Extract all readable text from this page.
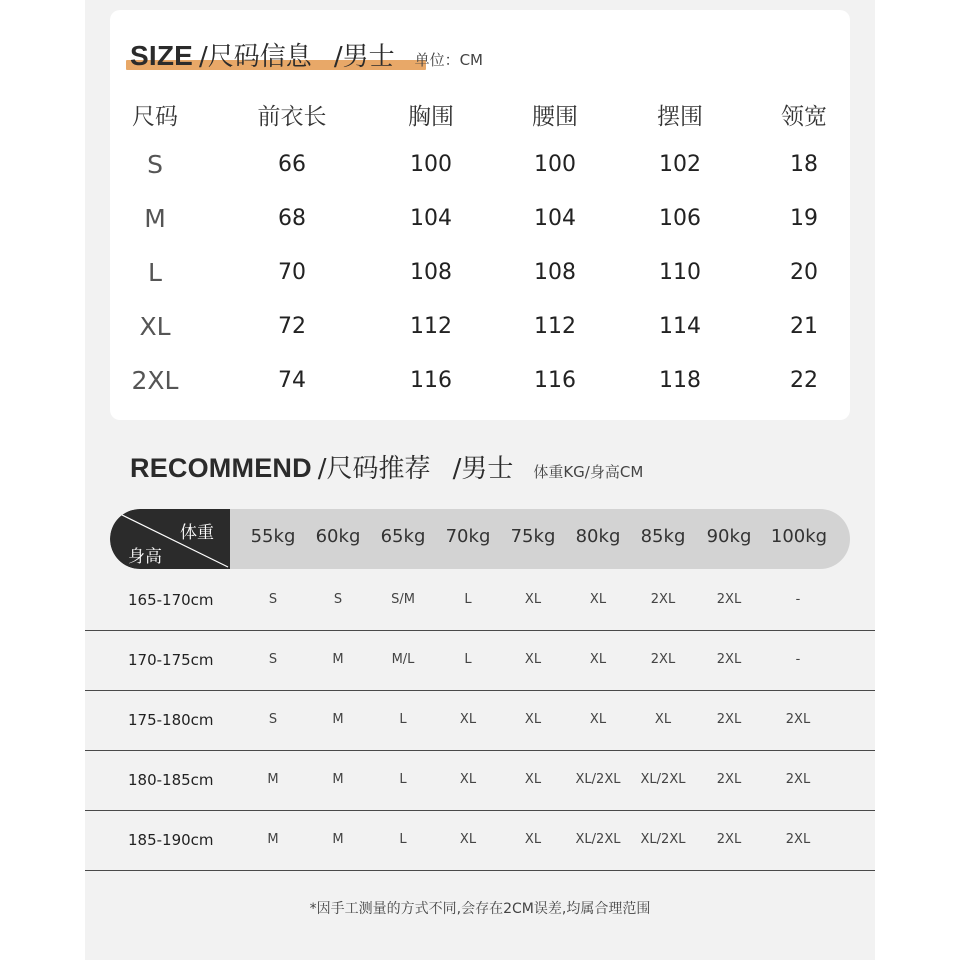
SIZE /尺码信息 /男士 单位：CM
尺码	前衣长	胸围	腰围	摆围	领宽
S	66	100	100	102	18
M	68	104	104	106	19
L	70	108	108	110	20
XL	72	112	112	114	21
2XL	74	116	116	118	22
RECOMMEND /尺码推荐 /男士 体重KG/身高CM
体重
身高
55kg	60kg	65kg	70kg	75kg	80kg	85kg	90kg	100kg
165-170cm	S	S	S/M	L	XL	XL	2XL	2XL	-
170-175cm	S	M	M/L	L	XL	XL	2XL	2XL	-
175-180cm	S	M	L	XL	XL	XL	XL	2XL	2XL
180-185cm	M	M	L	XL	XL	XL/2XL	XL/2XL	2XL	2XL
185-190cm	M	M	L	XL	XL	XL/2XL	XL/2XL	2XL	2XL
*因手工测量的方式不同,会存在2CM误差,均属合理范围
